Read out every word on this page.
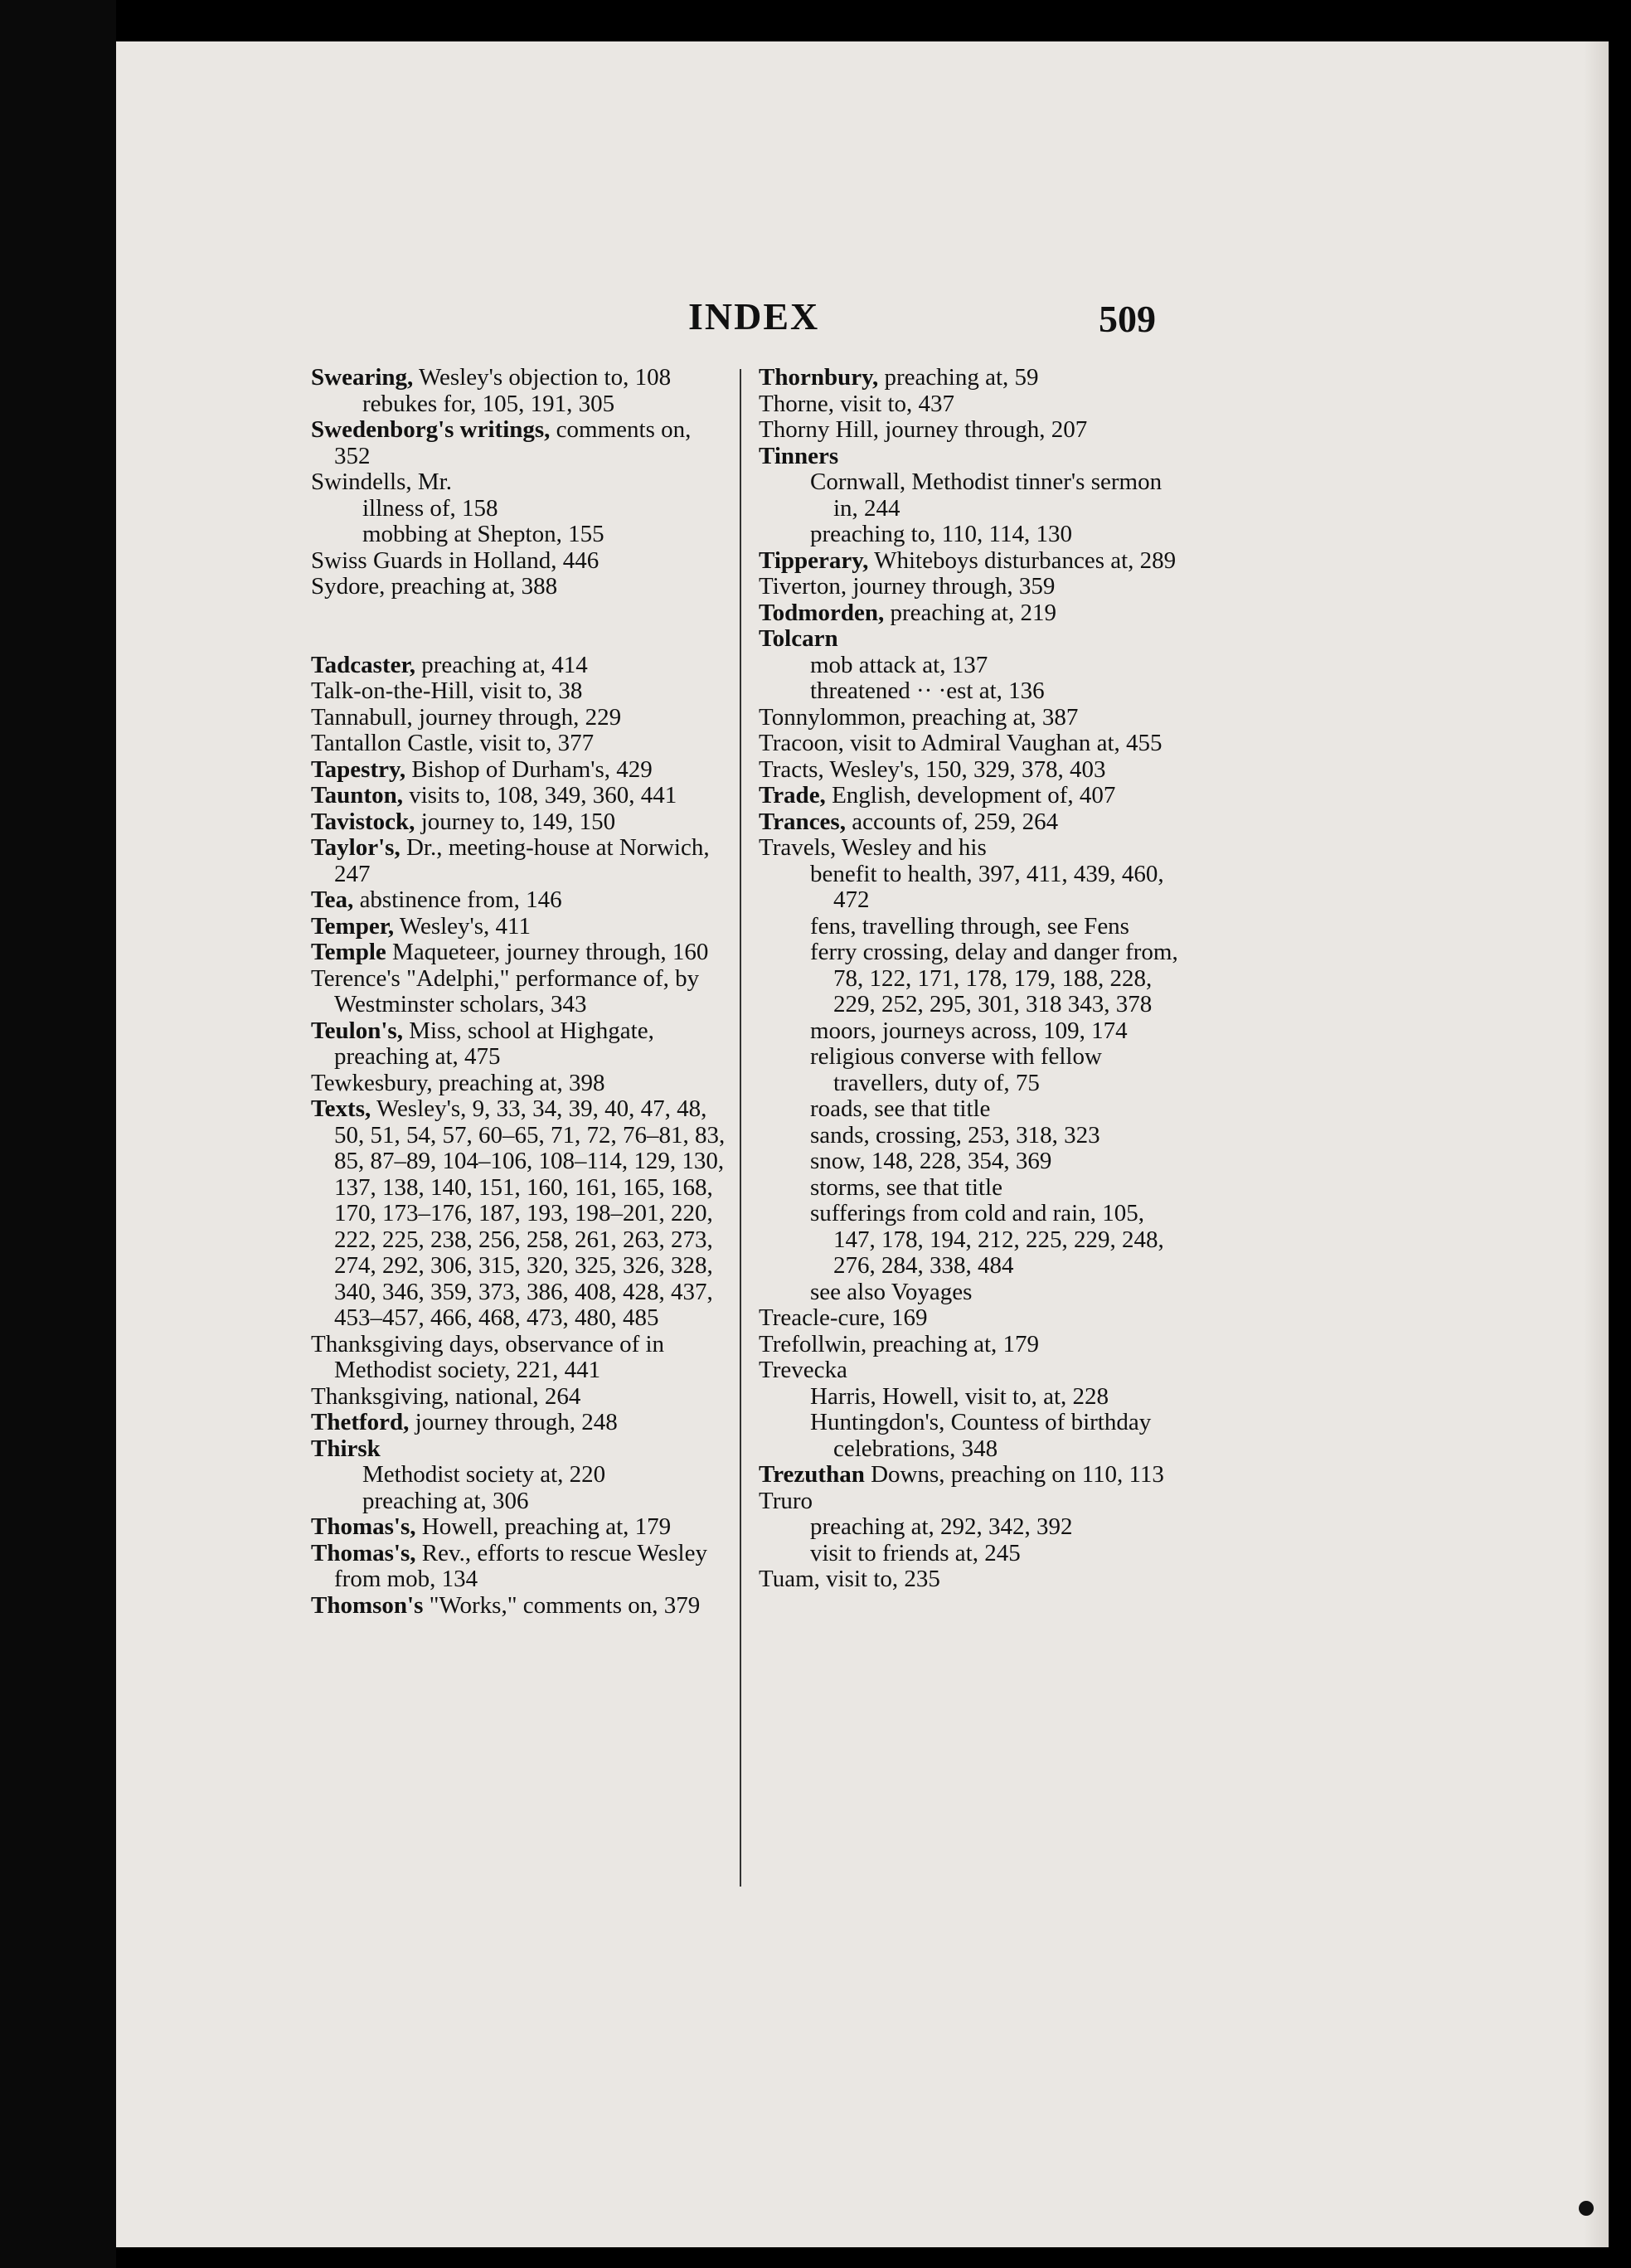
INDEX	509
Swearing, Wesley's objection to, 108
rebukes for, 105, 191, 305
Swedenborg's writings, comments on, 352
Swindells, Mr.
illness of, 158
mobbing at Shepton, 155
Swiss Guards in Holland, 446
Sydore, preaching at, 388
Tadcaster, preaching at, 414
Talk-on-the-Hill, visit to, 38
Tannabull, journey through, 229
Tantallon Castle, visit to, 377
Tapestry, Bishop of Durham's, 429
Taunton, visits to, 108, 349, 360, 441
Tavistock, journey to, 149, 150
Taylor's, Dr., meeting-house at Norwich, 247
Tea, abstinence from, 146
Temper, Wesley's, 411
Temple Maqueteer, journey through, 160
Terence's "Adelphi," performance of, by Westminster scholars, 343
Teulon's, Miss, school at Highgate, preaching at, 475
Tewkesbury, preaching at, 398
Texts, Wesley's, 9, 33, 34, 39, 40, 47, 48, 50, 51, 54, 57, 60–65, 71, 72, 76–81, 83, 85, 87–89, 104–106, 108–114, 129, 130, 137, 138, 140, 151, 160, 161, 165, 168, 170, 173–176, 187, 193, 198–201, 220, 222, 225, 238, 256, 258, 261, 263, 273, 274, 292, 306, 315, 320, 325, 326, 328, 340, 346, 359, 373, 386, 408, 428, 437, 453–457, 466, 468, 473, 480, 485
Thanksgiving days, observance of in Methodist society, 221, 441
Thanksgiving, national, 264
Thetford, journey through, 248
Thirsk
Methodist society at, 220
preaching at, 306
Thomas's, Howell, preaching at, 179
Thomas's, Rev., efforts to rescue Wesley from mob, 134
Thomson's "Works," comments on, 379
Thornbury, preaching at, 59
Thorne, visit to, 437
Thorny Hill, journey through, 207
Tinners
Cornwall, Methodist tinner's sermon in, 244
preaching to, 110, 114, 130
Tipperary, Whiteboys disturbances at, 289
Tiverton, journey through, 359
Todmorden, preaching at, 219
Tolcarn
mob attack at, 137
threatened ·· ·est at, 136
Tonnylommon, preaching at, 387
Tracoon, visit to Admiral Vaughan at, 455
Tracts, Wesley's, 150, 329, 378, 403
Trade, English, development of, 407
Trances, accounts of, 259, 264
Travels, Wesley and his
benefit to health, 397, 411, 439, 460, 472
fens, travelling through, see Fens
ferry crossing, delay and danger from, 78, 122, 171, 178, 179, 188, 228, 229, 252, 295, 301, 318 343, 378
moors, journeys across, 109, 174
religious converse with fellow travellers, duty of, 75
roads, see that title
sands, crossing, 253, 318, 323
snow, 148, 228, 354, 369
storms, see that title
sufferings from cold and rain, 105, 147, 178, 194, 212, 225, 229, 248, 276, 284, 338, 484
see also Voyages
Treacle-cure, 169
Trefollwin, preaching at, 179
Trevecka
Harris, Howell, visit to, at, 228
Huntingdon's, Countess of birthday celebrations, 348
Trezuthan Downs, preaching on 110, 113
Truro
preaching at, 292, 342, 392
visit to friends at, 245
Tuam, visit to, 235
